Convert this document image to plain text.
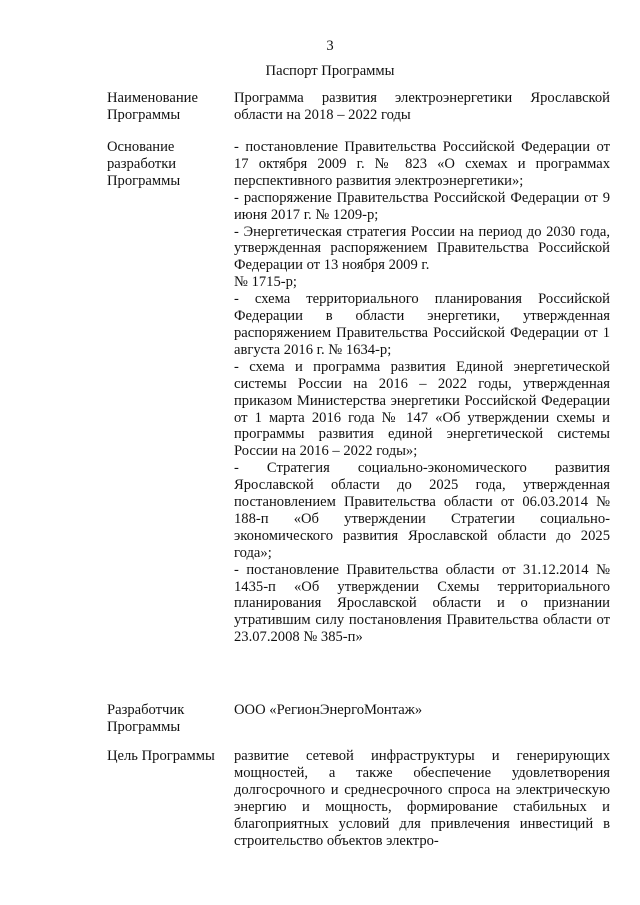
3
Паспорт Программы
Наименование
Программы
Программа развития электроэнергетики Ярославской области на 2018 – 2022 годы
Основание
разработки
Программы
- постановление Правительства Российской Федерации от 17 октября 2009 г. № 823 «О схемах и программах перспективного развития электроэнергетики»;
- распоряжение Правительства Российской Федерации от 9 июня 2017 г. № 1209-р;
- Энергетическая стратегия России на период до 2030 года, утвержденная распоряжением Правительства Российской Федерации от 13 ноября 2009 г.
№ 1715-р;
- схема территориального планирования Российской Федерации в области энергетики, утвержденная распоряжением Правительства Российской Федерации от 1 августа 2016 г. № 1634-р;
- схема и программа развития Единой энергетической системы России на 2016 – 2022 годы, утвержденная приказом Министерства энергетики Российской Федерации от 1 марта 2016 года № 147 «Об утверждении схемы и программы развития единой энергетической системы России на 2016 – 2022 годы»;
- Стратегия социально-экономического развития Ярославской области до 2025 года, утвержденная постановлением Правительства области от 06.03.2014 № 188-п «Об утверждении Стратегии социально-экономического развития Ярославской области до 2025 года»;
- постановление Правительства области от 31.12.2014 № 1435-п «Об утверждении Схемы территориального планирования Ярославской области и о признании утратившим силу постановления Правительства области от 23.07.2008 № 385-п»
Разработчик
Программы
ООО «РегионЭнергоМонтаж»
Цель Программы	развитие сетевой инфраструктуры и генерирующих мощностей, а также обеспечение удовлетворения долгосрочного и среднесрочного спроса на электрическую энергию и мощность, формирование стабильных и благоприятных условий для привлечения инвестиций в строительство объектов электро-
